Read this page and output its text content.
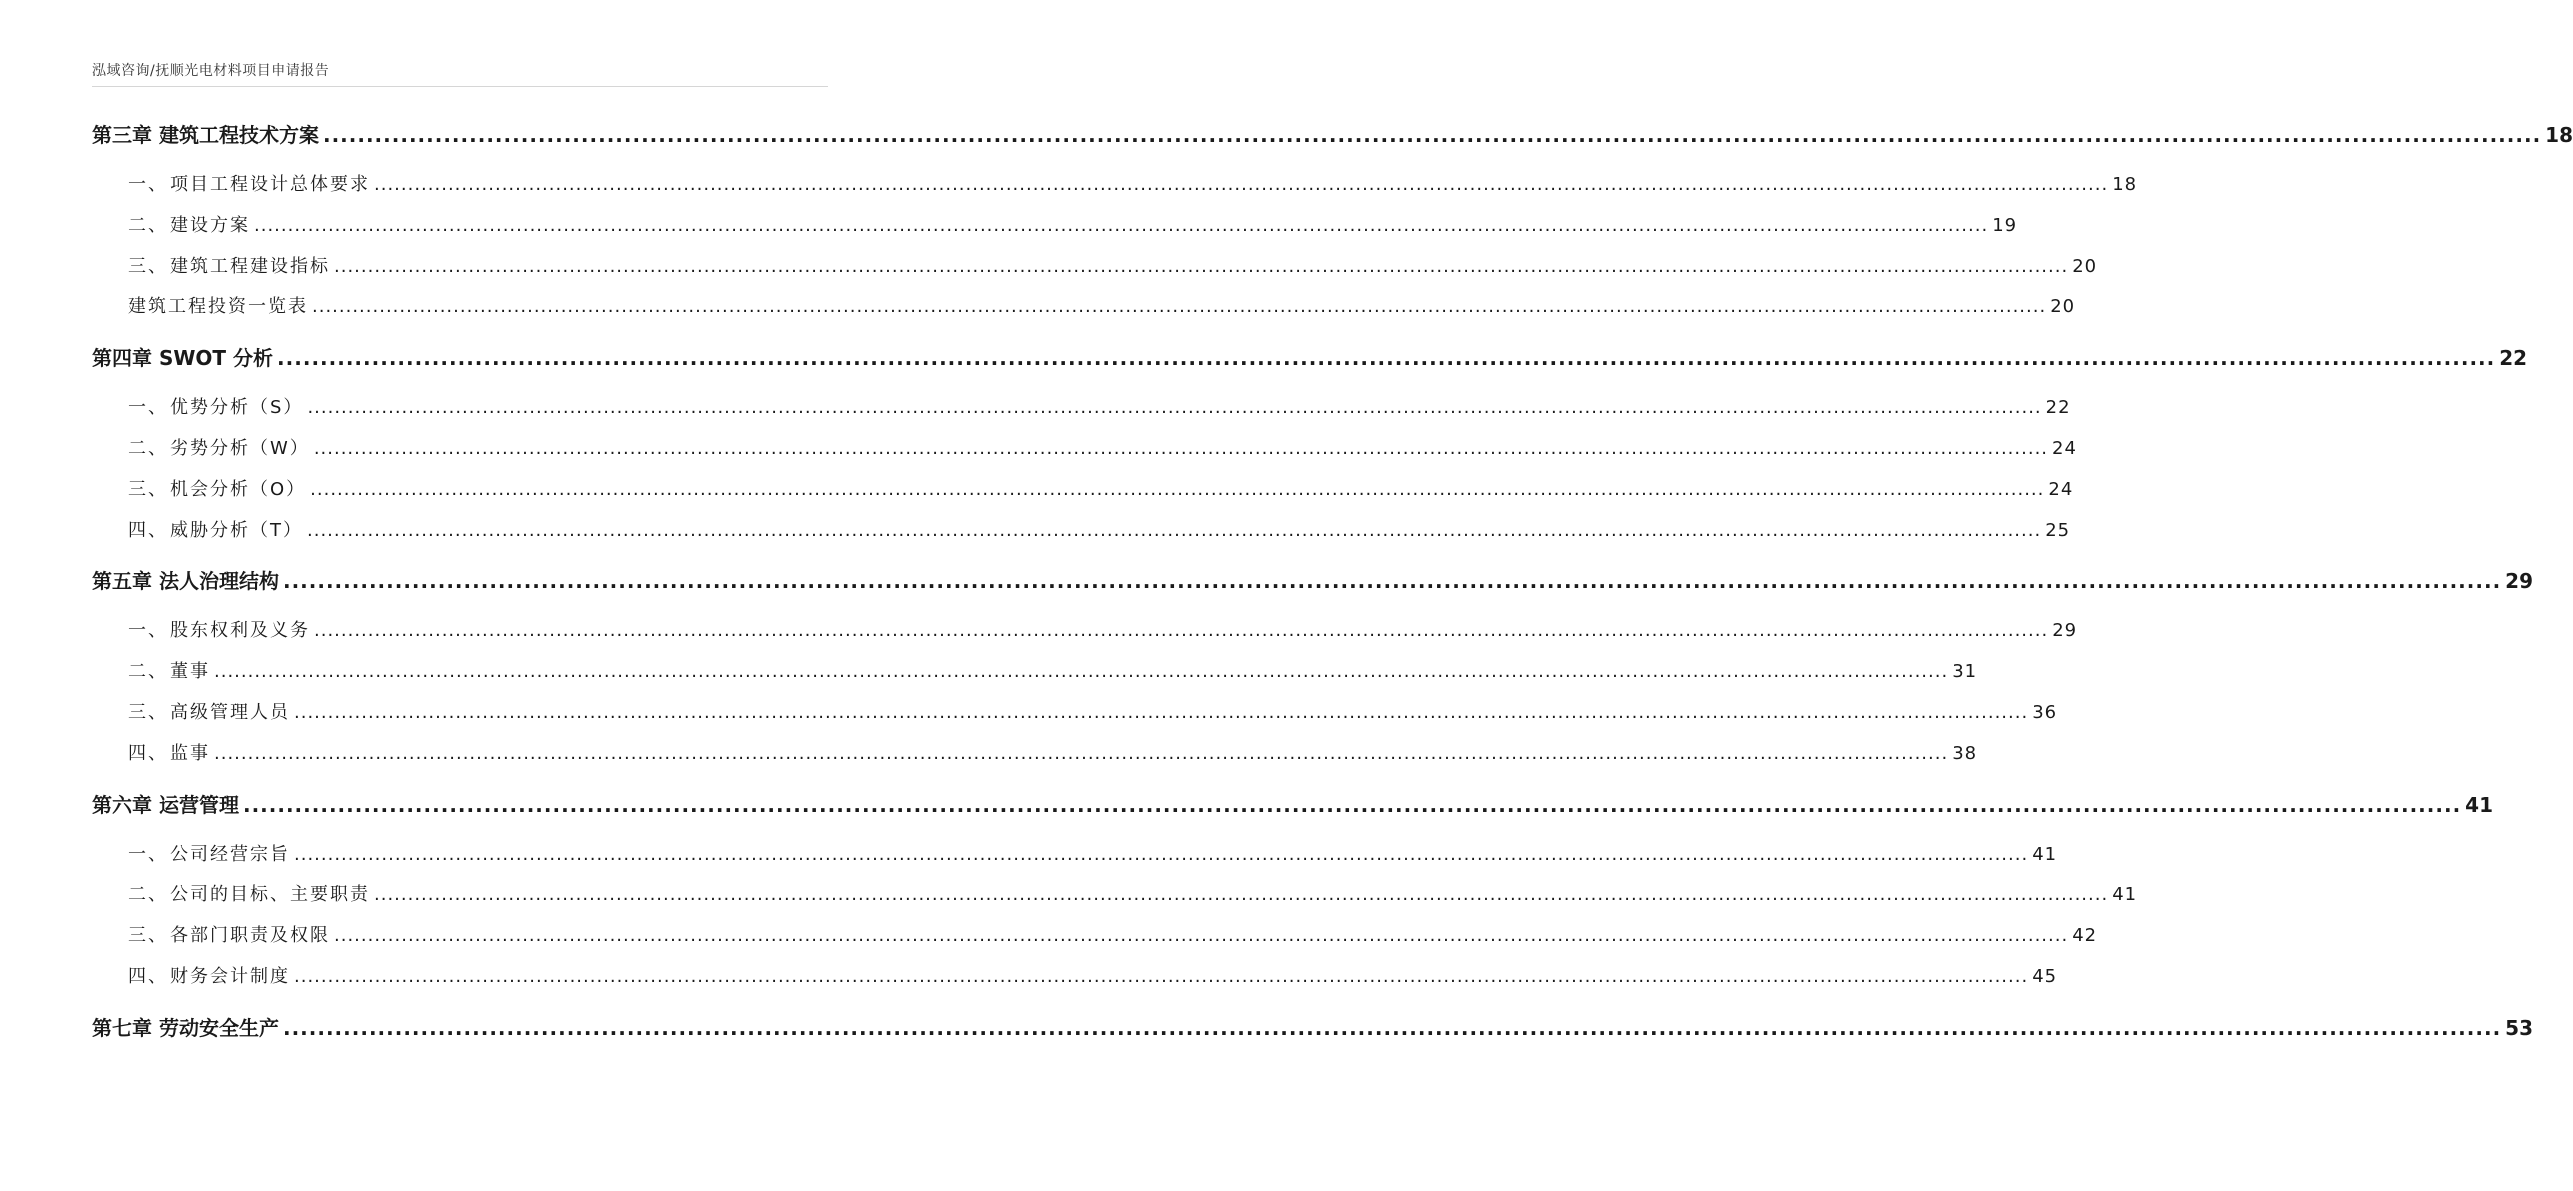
泓域咨询/抚顺光电材料项目申请报告
第三章 建筑工程技术方案 .................................................................................................................................................................................................................................................................. 18
一、 项目工程设计总体要求 .................................................................................................................................................................................................................................................................. 18
二、 建设方案 .................................................................................................................................................................................................................................................................. 19
三、 建筑工程建设指标 .................................................................................................................................................................................................................................................................. 20
建筑工程投资一览表 .................................................................................................................................................................................................................................................................. 20
第四章 SWOT 分析 .................................................................................................................................................................................................................................................................. 22
一、 优势分析（S） .................................................................................................................................................................................................................................................................. 22
二、 劣势分析（W） .................................................................................................................................................................................................................................................................. 24
三、 机会分析（O） .................................................................................................................................................................................................................................................................. 24
四、 威胁分析（T） .................................................................................................................................................................................................................................................................. 25
第五章 法人治理结构 .................................................................................................................................................................................................................................................................. 29
一、 股东权利及义务 .................................................................................................................................................................................................................................................................. 29
二、 董事 .................................................................................................................................................................................................................................................................. 31
三、 高级管理人员 .................................................................................................................................................................................................................................................................. 36
四、 监事 .................................................................................................................................................................................................................................................................. 38
第六章 运营管理 .................................................................................................................................................................................................................................................................. 41
一、 公司经营宗旨 .................................................................................................................................................................................................................................................................. 41
二、 公司的目标、主要职责 .................................................................................................................................................................................................................................................................. 41
三、 各部门职责及权限 .................................................................................................................................................................................................................................................................. 42
四、 财务会计制度 .................................................................................................................................................................................................................................................................. 45
第七章 劳动安全生产 .................................................................................................................................................................................................................................................................. 53
